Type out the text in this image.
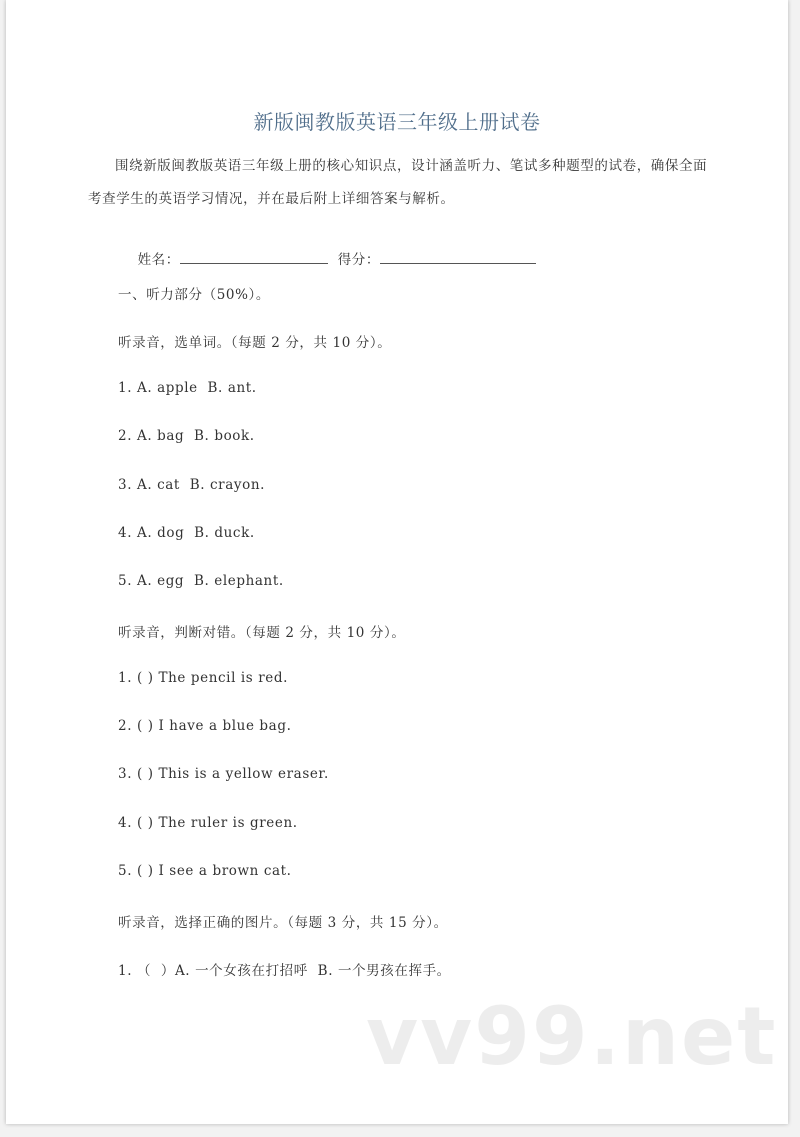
新版闽教版英语三年级上册试卷
围绕新版闽教版英语三年级上册的核心知识点，设计涵盖听力、笔试多种题型的试卷，确保全面考查学生的英语学习情况，并在最后附上详细答案与解析。

姓名：	得分：

一、听力部分（50%）。
听录音，选单词。（每题 2 分，共 10 分）。
1. A. apple  B. ant.
2. A. bag  B. book.
3. A. cat  B. crayon.
4. A. dog  B. duck.
5. A. egg  B. elephant.
听录音，判断对错。（每题 2 分，共 10 分）。
1. ( ) The pencil is red.
2. ( ) I have a blue bag.
3. ( ) This is a yellow eraser.
4. ( ) The ruler is green.
5. ( ) I see a brown cat.
听录音，选择正确的图片。（每题 3 分，共 15 分）。
1. （  ）A. 一个女孩在打招呼  B. 一个男孩在挥手。
vv99.net
